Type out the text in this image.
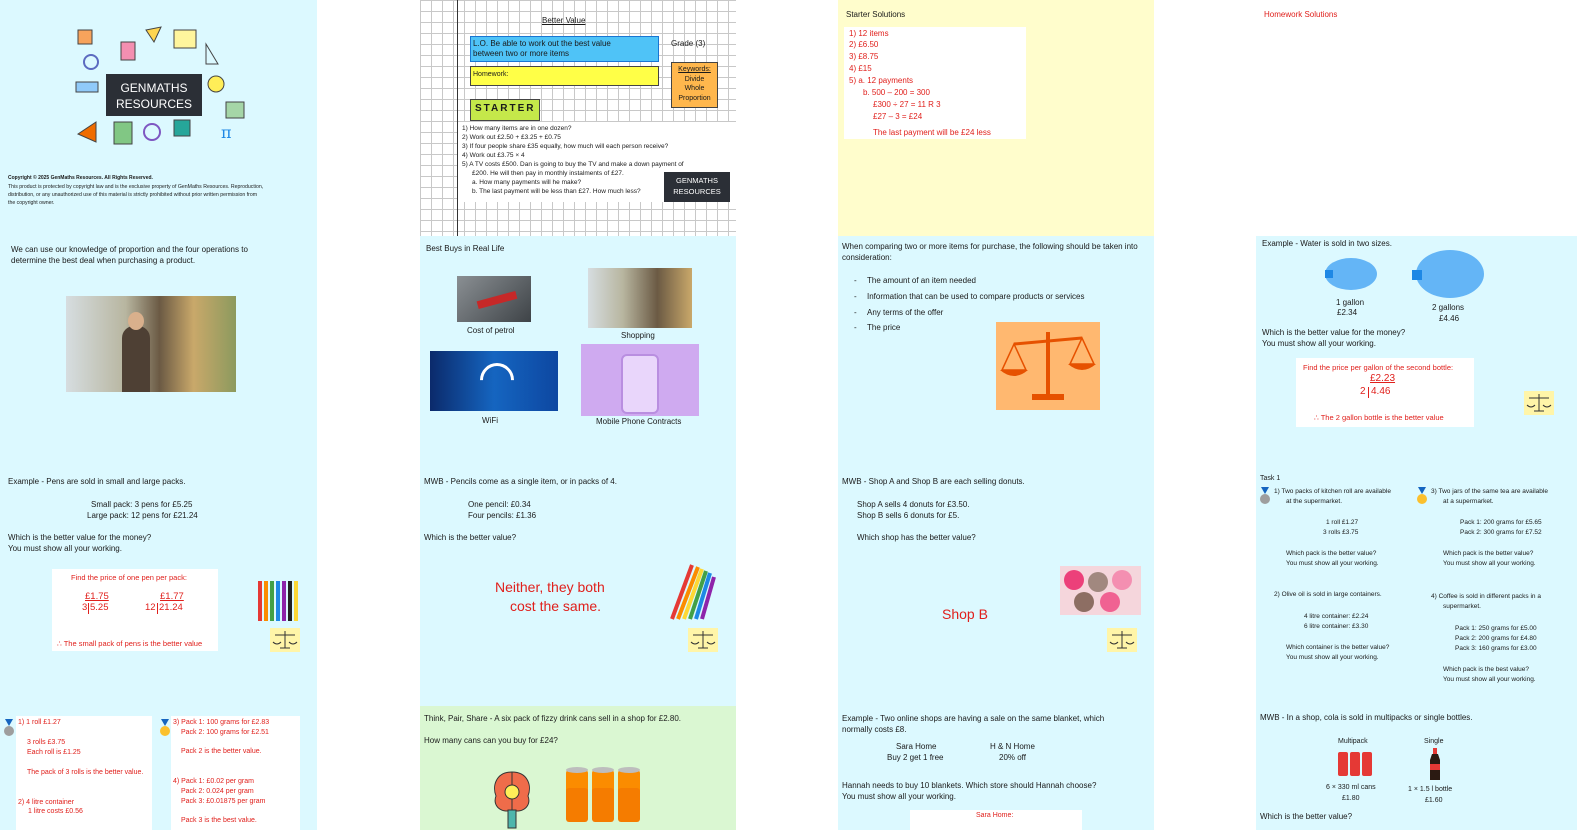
GENMATHS
RESOURCES
π
Copyright © 2025 GenMaths Resources. All Rights Reserved.
This product is protected by copyright law and is the exclusive property of GenMaths Resources. Reproduction,
distribution, or any unauthorized use of this material is strictly prohibited without prior written permission from
the copyright owner.
Better Value
L.O. Be able to work out the best value
between two or more items
Grade (3)
Homework:
Keywords:
Divide
Whole
Proportion
STARTER
1) How many items are in one dozen?
2) Work out £2.50 + £3.25 + £0.75
3) If four people share £35 equally, how much will each person receive?
4) Work out £3.75 × 4
5) A TV costs £500. Dan is going to buy the TV and make a down payment of
£200. He will then pay in monthly instalments of £27.
a. How many payments will he make?
b. The last payment will be less than £27. How much less?
GENMATHS
RESOURCES
Starter Solutions
1) 12 items
2) £6.50
3) £8.75
4) £15
5) a. 12 payments
b. 500 – 200 = 300
£300 ÷ 27 = 11 R 3
£27 – 3 = £24
The last payment will be £24 less
Homework Solutions
We can use our knowledge of proportion and the four operations to
determine the best deal when purchasing a product.
Best Buys in Real Life
Cost of petrol
Shopping
WiFi	Mobile Phone Contracts
When comparing two or more items for purchase, the following should be taken into
consideration:
- The amount of an item needed
- Information that can be used to compare products or services
- Any terms of the offer
- The price
Example - Water is sold in two sizes.
1 gallon
£2.34
2 gallons
£4.46
Which is the better value for the money?
You must show all your working.
Find the price per gallon of the second bottle:
£2.23
2 4.46
∴ The 2 gallon bottle is the better value
Example - Pens are sold in small and large packs.
Small pack: 3 pens for £5.25
Large pack: 12 pens for £21.24
Which is the better value for the money?
You must show all your working.
Find the price of one pen per pack:
£1.75
3 5.25
£1.77
12 21.24
∴ The small pack of pens is the better value
MWB - Pencils come as a single item, or in packs of 4.
One pencil: £0.34
Four pencils: £1.36
Which is the better value?
Neither, they both
cost the same.
MWB - Shop A and Shop B are each selling donuts.
Shop A sells 4 donuts for £3.50.
Shop B sells 6 donuts for £5.
Which shop has the better value?
Shop B
Task 1
1) Two packs of kitchen roll are available
at the supermarket.
1 roll £1.27
3 rolls £3.75
Which pack is the better value?
You must show all your working.
2) Olive oil is sold in large containers.
4 litre container: £2.24
6 litre container: £3.30
Which container is the better value?
You must show all your working.
3) Two jars of the same tea are available
at a supermarket.
Pack 1: 200 grams for £5.65
Pack 2: 300 grams for £7.52
Which pack is the better value?
You must show all your working.
4) Coffee is sold in different packs in a
supermarket.
Pack 1: 250 grams for £5.00
Pack 2: 200 grams for £4.80
Pack 3: 160 grams for £3.00
Which pack is the best value?
You must show all your working.
1) 1 roll £1.27
3 rolls £3.75
Each roll is £1.25
The pack of 3 rolls is the better value.
2) 4 litre container
1 litre costs £0.56
3) Pack 1: 100 grams for £2.83
Pack 2: 100 grams for £2.51
Pack 2 is the better value.
4) Pack 1: £0.02 per gram
Pack 2: 0.024 per gram
Pack 3: £0.01875 per gram
Pack 3 is the best value.
Think, Pair, Share - A six pack of fizzy drink cans sell in a shop for £2.80.
How many cans can you buy for £24?
Example - Two online shops are having a sale on the same blanket, which
normally costs £8.
Sara Home
Buy 2 get 1 free
H & N Home
20% off
Hannah needs to buy 10 blankets. Which store should Hannah choose?
You must show all your working.
Sara Home:
MWB - In a shop, cola is sold in multipacks or single bottles.
Multipack	Single
6 × 330 ml cans
£1.80
1 × 1.5 l bottle
£1.60
Which is the better value?
